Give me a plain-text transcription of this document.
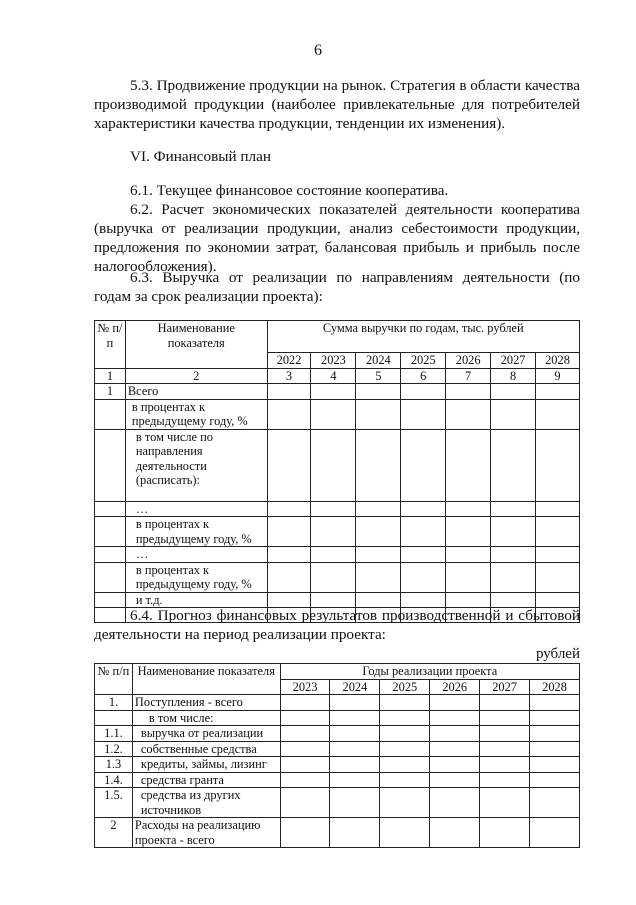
6

5.3. Продвижение продукции на рынок. Стратегия в области качества производимой продукции (наиболее привлекательные для потребителей характеристики качества продукции, тенденции их изменения).

VI. Финансовый план

6.1. Текущее финансовое состояние кооператива.

6.2. Расчет экономических показателей деятельности кооператива (выручка от реализации продукции, анализ себестоимости продукции, предложения по экономии затрат, балансовая прибыль и прибыль после налогообложения).

6.3. Выручка от реализации по направлениям деятельности (по годам за срок реализации проекта):

№ п/п	Наименование показателя	Сумма выручки по годам, тыс. рублей						
		2022	2023	2024	2025	2026	2027	2028
1	2	3	4	5	6	7	8	9
1	Всего							
	в процентах к предыдущему году, %							
	в том числе по направления деятельности (расписать):							
	…							
	в процентах к предыдущему году, %							
	…							
	в процентах к предыдущему году, %							
	и т.д.							

6.4. Прогноз финансовых результатов производственной и сбытовой деятельности на период реализации проекта:

рублей
№ п/п	Наименование показателя	Годы реализации проекта					
		2023	2024	2025	2026	2027	2028
1.	Поступления - всего						
	в том числе:						
1.1.	выручка от реализации						
1.2.	собственные средства						
1.3	кредиты, займы, лизинг						
1.4.	средства гранта						
1.5.	средства из других источников						
2	Расходы на реализацию проекта - всего						
